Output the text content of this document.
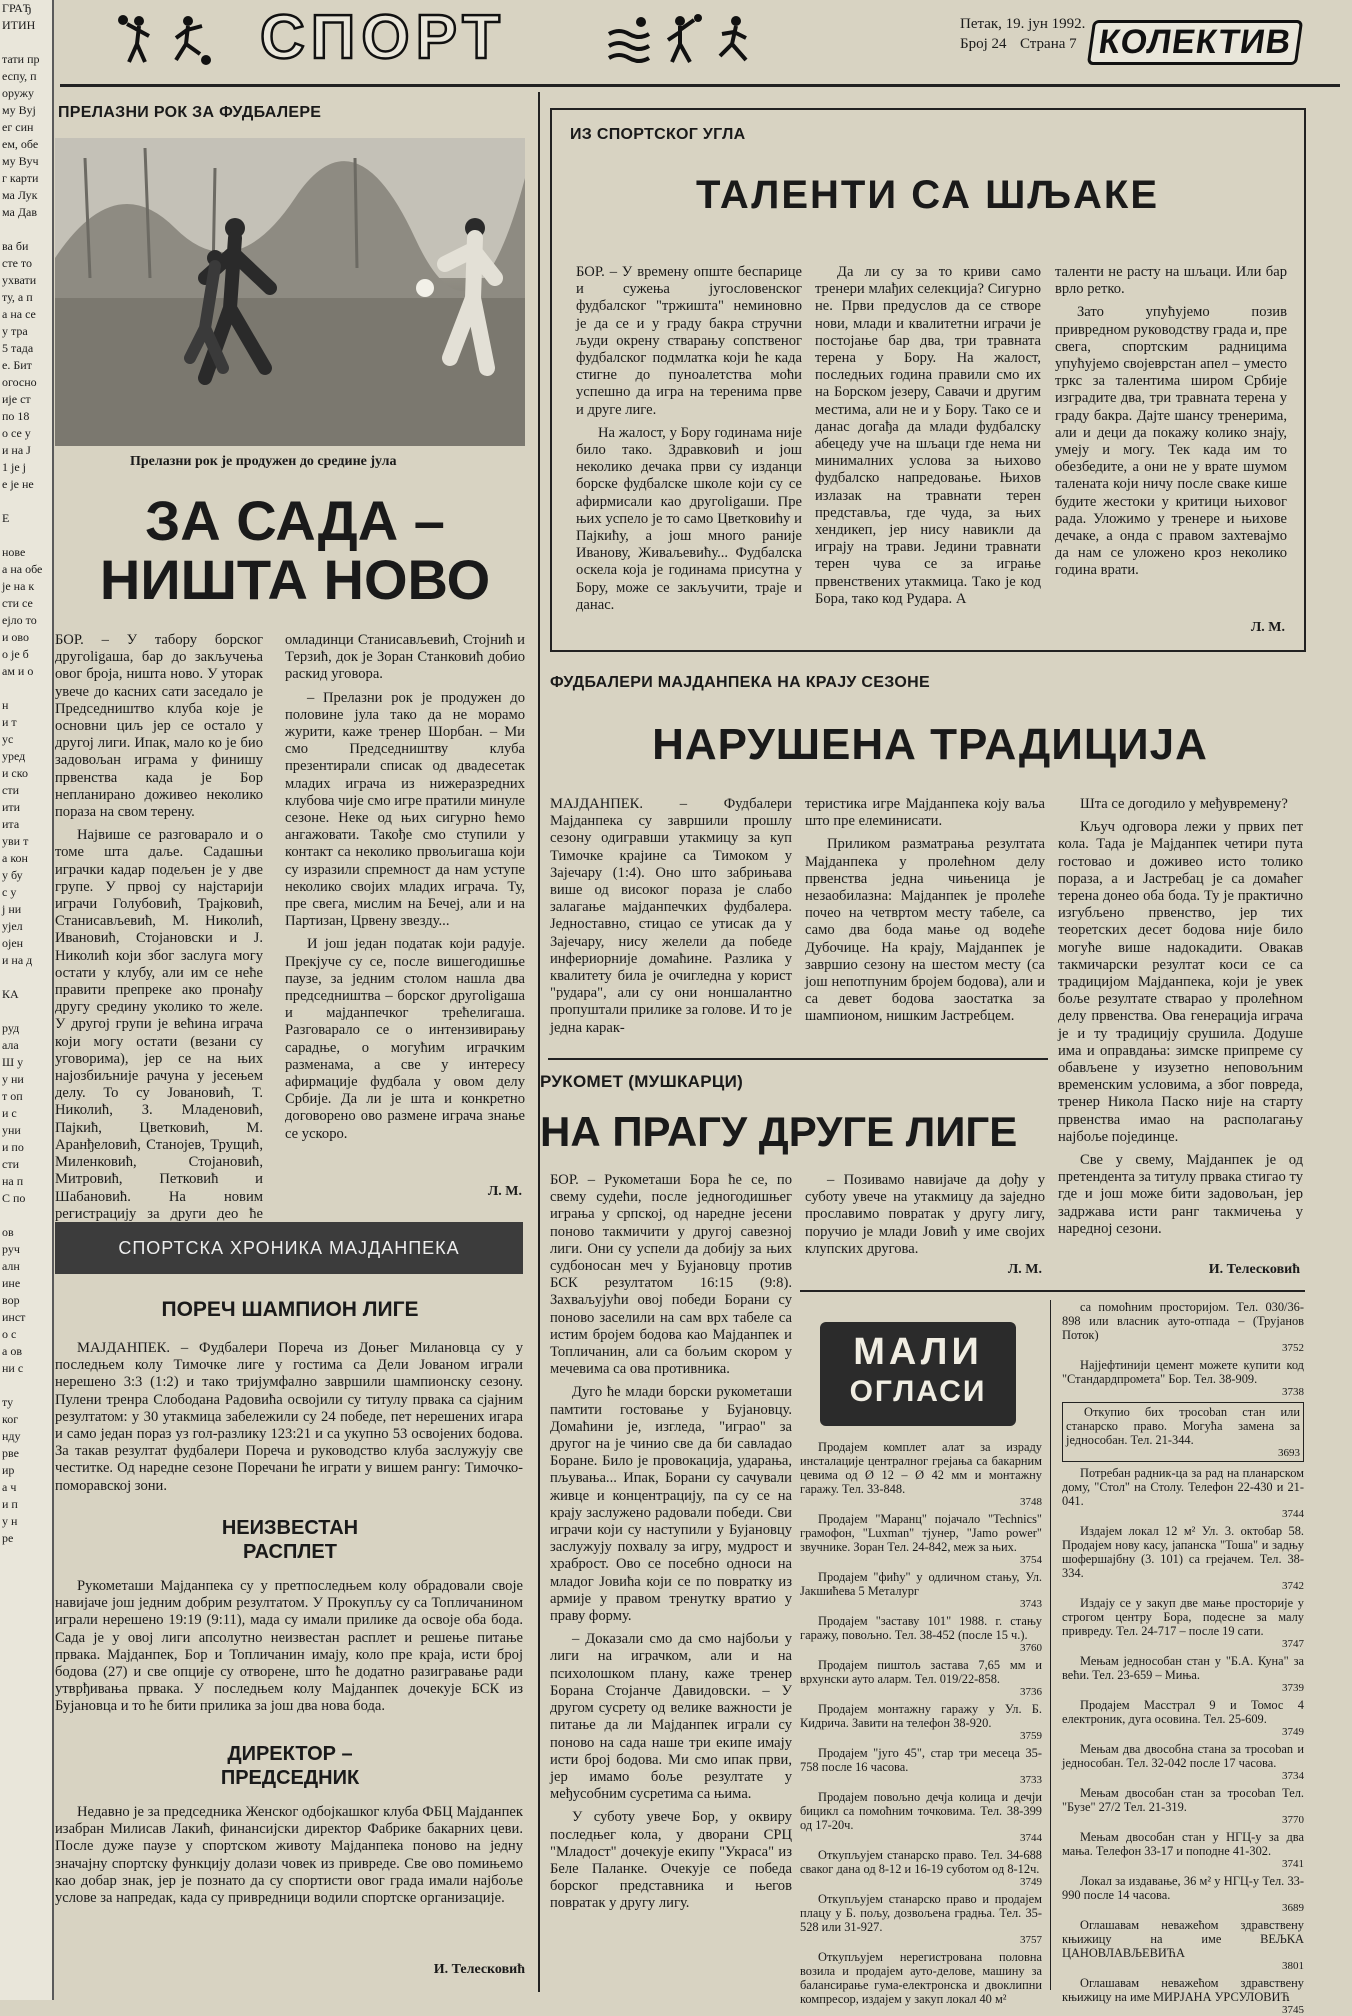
ГРАЂ

ИТИН

тати пр

еспу, п

оружу

му Вуј

ег син

ем, обе

му Вуч

г карти

ма Лук

ма Дав

ва би

сте то

ухвати

ту, а п

а на се

у тра

5 тада

е. Бит

огосно

ије ст

по 18

о се у

и на Ј

1 је ј

е је не

Е

нове

а на обе

је на к

сти се

ејло то

и ово

о је б

ам и о

н

и т

ус

уред

и ско

сти

ити

ита

уви т

а кон

у бу

с у

ј ни

ујел

ојен

и на д

КА

руд

ала

Ш у

у ни

т оп

и с

уни

и по

сти

на п

С по

ов

руч

алн

ине

вор

инст

о с

а ов

ни с

ту

ког

нду

рве

ир

а ч

и п

у н

ре

СПОРТ	Петак, 19. јун 1992.
Број 24 Страна 7 КОЛЕКТИВ
ПРЕЛАЗНИ РОК ЗА ФУДБАЛЕРЕ
Прелазни рок је продужен до средине јула
ЗА САДА –
НИШТА НОВО

БОР. – У табору борског другoligaша, бар до закључења овог броја, ништа ново. У уторак увече до касних сати заседало је Председништво клуба које је основни циљ јер се остало у другој лиги. Ипак, мало ко је био задовољан игрaма у финишу првенства када је Бор непланирано доживео неколико пораза на свом терену.

Највише се разговарало и о томе шта даље. Садашњи играчки кадар подељен је у две групе. У првој су најстарији играчи Голубовић, Трајковић, Станисављевић, М. Николић, Ивановић, Стојановски и Ј. Николић који због заслуга могу остати у клубу, али им се неће правити препреке ако пронађу другу средину уколико то желе. У другој групи је већина играча који могу остати (везани су уговорима), јер се на њих најозбиљније рачуна у јесењем делу. То су Јовановић, Т. Николић, З. Младеновић, Пајкић, Цветковић, М. Аранђеловић, Станојев, Трущић, Миленковић, Стојановић, Митровић, Петковић и Шабановић. На новим регистрацију за други део ће

омладинци Станисављевић, Стојнић и Терзић, док је Зоран Станковић добио раскид уговора.

– Прелазни рок је продужен до половине јула тако да не морамо журити, каже тренер Шорбан. – Ми смо Председништву клуба презентирали списак од двадесетак младих играча из нижеразредних клубова чије смо игре пратили минуле сезоне. Неке од њих сигурно ћемо ангажовати. Такође смо ступили у контакт са неколико првољигаша који су изразили спремност да нам уступе неколико својих младих играча. Ту, пре свега, мислим на Бечеј, али и на Партизан, Црвену звезду...

И још један податак који радује. Прекјуче су се, после вишегодишње паузе, за једним столом нашла два председништва – борског другoligaша и мајданпечког трећелигаша. Разговарало се о интензивирању сарадње, о могућим играчким разменама, а све у интересу афирмације фудбала у овом делу Србије. Да ли је шта и конкретно договорено ово размене играча знање се ускоро.

Л. М.
ИЗ СПОРТСКОГ УГЛА
ТАЛЕНТИ СА ШЉАКЕ

БОР. – У времену опште беспарице и сужења југословенског фудбалског "тржишта" неминовно је да се и у граду бакра стручни људи окрену стварању сопственог фудбалског подмлатка који ће када стигне до пуноалетства моћи успешно да игра на теренима прве и друге лиге.

На жалост, у Бору годинама није било тако. Здравковић и још неколико дечака први су изданци борске фудбалске школе који су се афирмисали као другoligaши. Пре њих успело је то само Цветковићу и Пајкићу, а још много раније Иванову, Живаљевићу... Фудбалска оскела која је годинама присутна у Бору, може се закључити, траје и данас.

Да ли су за то криви само тренери млађих селекција? Сигурно не. Први предуслов да се створе нови, млади и квалитетни играчи је постојање бар два, три травната терена у Бору. На жалост, последњих година правили смо их на Борском језеру, Савачи и другим местима, али не и у Бору. Тако се и данас догађа да млади фудбалску абецеду уче на шљаци где нема ни минималних услова за њихово фудбалско напредовање. Њихов излазак на травнати терен представља, где чуда, за њих хендикеп, јер нису навикли да играју на трави. Једини травнати терен чува се за играње првенствених утакмица. Тако је код Бора, тако код Рудара. А

таленти не расту на шљаци. Или бар врло ретко.

Зато упућујемо позив привредном руководству града и, пре свега, спортским радницима упућујемо својеврстан апел – уместо тркс за талентима широм Србије изградите два, три травната терена у граду бакра. Дајте шансу тренерима, али и деци да покажу колико знају, умеју и могу. Тек када им то обезбедите, а они не у вратe шумом талената који ничу после сваке кише будите жестоки у критици њиховог рада. Уложимо у тренере и њихове дечаке, а онда с правом захтевајмо да нам се уложено кроз неколико година врати.

Л. М.
ФУДБАЛЕРИ МАЈДАНПЕКА НА КРАЈУ СЕЗОНЕ
НАРУШЕНА ТРАДИЦИЈА

МАЈДАНПЕК. – Фудбалери Мајданпека су завршили прошлу сезону одигравши утакмицу за куп Тимочке крајине са Тимоком у Зајечару (1:4). Оно што забрињава више од високог пораза је слабо залагање мајданпечких фудбалера. Једноставно, стицао се утисак да у Зајечару, нису желели да победе инфериорније домаћине. Разлика у квалитету била је очигледна у корист "рудара", али су они ноншалантно пропуштали прилике за голове. И то је једна карак-

теристика игре Мајданпека коју ваља што пре елеминисати.

Приликом разматрања резултата Мајданпека у пролећном делу првенства једна чињеница је незаобилазна: Мајданпек је пролеће почео на четвртом месту табеле, са само два бода мање од водеће Дубочице. На крају, Мајданпек је завршио сезону на шестом месту (са још непотпуним бројем бодова), али и са девет бодова заостатка за шампионом, нишким Јастребцем.

Шта се догодило у међувремену?

Кључ одговора лежи у првих пет кола. Тада је Мајданпек четири пута гостовао и доживео исто толико пораза, а и Јастребац је са домаћег терена донео оба бода. Ту је практично изгубљено првенство, јер тих теоретских десет бодова није било могуће више надокадити. Овакав такмичарски резултат коси се са традицијом Мајданпека, који је увек боље резултате стварао у пролећном делу првенства. Ова генерација играча је и ту традицију срушила. Додуше има и оправдања: зимске припреме су обављене у изузетно неповољним временским условима, а због повреда, тренер Никола Паско није на старту првенства имао на располагању најбоље појединце.

Све у свему, Мајданпек је од претендента за титулу првака стигао ту где и још може бити задовољан, јер задржава исти ранг такмичења у наредној сезони.

И. Телесковић
РУКОМЕТ (МУШКАРЦИ)
НА ПРАГУ ДРУГЕ ЛИГЕ

БОР. – Рукометаши Бора ће се, по свему судећи, после једногодишњег играња у српској, од наредне јесени поново такмичити у другој савезној лиги. Они су успели да добију за њих судбоносан меч у Бујановцу против БСК резултатом 16:15 (9:8). Захваљујући овој победи Борани су поново заселили на сам врх табеле са истим бројем бодова као Мајданпек и Топличанин, али са бољим скором у мечевима са ова противника.

Дуго ће млади борски рукометаши памтити гостовање у Бујановцу. Домаћини је, изгледа, "играо" за другог на је чинио све да би савладао Боране. Било је провокација, ударања, пљувања... Ипак, Борани су сачували живце и концентрацију, па су се на крају заслужено радовали победи. Сви играчи који су наступили у Бујановцу заслужују похвалу за игру, мудрост и храброст. Ово се посебно односи на младог Јовића који се по повратку из армије у правом тренутку вратио у праву форму.

– Доказали смо да смо најбољи у лиги на играчком, али и на психолошком плану, каже тренер Борана Стојанче Давидовски. – У другом сусрету од велике важности је питање да ли Мајданпек играли су поново на сада наше три екипе имају исти број бодова. Ми смо ипак први, јер имамо боље резултате у међусобним сусретима са њима.

У суботу увече Бор, у оквиру последњег кола, у дворани СРЦ "Младост" дочекује екипу "Украса" из Беле Паланке. Очекује се победа борског представника и његов повратак у другу лигу.

– Позивамо навијаче да дођу у суботу увече на утакмицу да заједно прославимо повратак у другу лигу, поручио је млади Јовић у име својих клупских другова.

Л. М.
СПОРТСКА ХРОНИКА МАЈДАНПЕКА
ПОРЕЧ ШАМПИОН ЛИГЕ
МАЈДАНПЕК. – Фудбалери Поречa из Доњег Милановца су у последњем колу Тимочке лиге у гостима са Дели Јованом играли нерешено 3:3 (1:2) и тако тријумфално завршили шампионску сезону. Пулени тренра Слободана Радовића освојили су титулу првака са сјајним резултатом: у 30 утакмица забележили су 24 победе, пет нерешених игара и само један пораз уз гол-разлику 123:21 и са укупно 53 освојених бодова. За такав резултат фудбалери Поречa и руководство клуба заслужују све честитке. Од наредне сезоне Поречани ће играти у вишем рангу: Тимочко-поморавској зони.
НЕИЗВЕСТАН
РАСПЛЕТ
Рукометаши Мајданпека су у претпоследњем колу обрадовали своје навијаче још једним добрим резултатом. У Прокупљу су са Топличанином играли нерешено 19:19 (9:11), мада су имали прилике да освоје оба бода. Сада је у овој лиги апсолутно неизвестан расплет и решење питање првака. Мајданпек, Бор и Топличанин имају, коло пре краја, исти број бодова (27) и све опције су отворене, што ће додатно разигравање ради утврђивања првака. У последњем колу Мајданпек дочекује БСК из Бујановца и то ће бити прилика за још два нова бода.
ДИРЕКТОР –
ПРЕДСЕДНИК
Недавно је за председника Женског одбојкашког клуба ФБЦ Мајданпек изабран Милисав Лакић, финансијски директор Фабрике бакарних цеви. После дуже паузе у спортском животу Мајданпека поново на једну значајну спортску функцију долази човек из привреде. Све ово помињемо као добар знак, јер је познато да су спортисти овог града имали најбоље услове за напредак, када су привредници водили спортске организације.
И. Телесковић
МАЛИ
ОГЛАСИ
Продајем комплет алат за израду инсталације централног грејања са бакарним цевима од Ø 12 – Ø 42 мм и монтажну гаражу. Тел. 33-848.
3748
Продајем "Маранц" појачало "Technics" грамофон, "Luxman" тјунер, "Jamo power" звучнике. Зоран Тел. 24-842, меж за њих.
3754
Продајем "фићу" у одличном стању, Ул. Јакшићева 5 Металург
3743
Продајем "заставу 101" 1988. г. стању гаражу, повољно. Тел. 38-452 (после 15 ч.).
3760
Продајем пиштољ застава 7,65 мм и врхунски ауто аларм. Тел. 019/22-858.
3736
Продајем монтажну гаражу у Ул. Б. Кидрича. Завити на телефон 38-920.
3759
Продајем "југо 45", стар три месеца 35-758 после 16 часова.
3733
Продајем повољно дечја колица и дечји бицикл са помоћним точковима. Тел. 38-399 од 17-20ч.
3744
Откупљујем станарско право. Тел. 34-688 сваког дана од 8-12 и 16-19 суботом од 8-12ч.
3749
Откупљујем станарско право и продајем плацу у Б. пољу, дозвољена градња. Тел. 35-528 или 31-927.
3757
Откупљујем нерегистрована половна возила и продајем ауто-делове, машину за балансирање гума-електронска и двоклипни компресор, издајем у закуп локал 40 м²
са помоћним просторијом. Тел. 030/36-898 или власник ауто-отпада – (Трујанов Поток)
3752
Најјефтинији цемент можете купити код "Стандардпромета" Бор. Тел. 38-909.
3738
Откупио бих тросoban стан или станарско право. Могућа замена за једнособан. Тел. 21-344.
3693
Потребан радник-ца за рад на планарском дому, "Стол" на Столу. Телефон 22-430 и 21-041.
3744
Издајем локал 12 м² Ул. 3. октобар 58. Продајем нову касу, јапанска "Тоша" и задњу шофершајбну (3. 101) са грејачем. Тел. 38-334.
3742
Издају се у закуп две мање просторије у строгом центру Бора, подесне за малу привреду. Тел. 24-717 – после 19 сати.
3747
Мењам једнособан стан у "Б.А. Куна" за већи. Тел. 23-659 – Миња.
3739
Продајем Масстрал 9 и Томос 4 електроник, дуга осовина. Тел. 25-609.
3749
Мењам два двособна стана за тросoban и једнособан. Тел. 32-042 после 17 часова.
3734
Мењам двособан стан за тросoban Тел. "Бузе" 27/2 Тел. 21-319.
3770
Мењам двособан стан у НГЦ-у за два мања. Телефон 33-17 и поподне 41-302.
3741
Локал за издавање, 36 м² у НГЦ-у Тел. 33-990 после 14 часова.
3689
Оглашавам неважећом здравствену књижицу на име ВЕЉКА ЦАНОВЛАВЉЕВИЋА
3801
Оглашавам неважећом здравствену књижицу на име МИРЈАНА УРСУЛОВИЋ
3745
